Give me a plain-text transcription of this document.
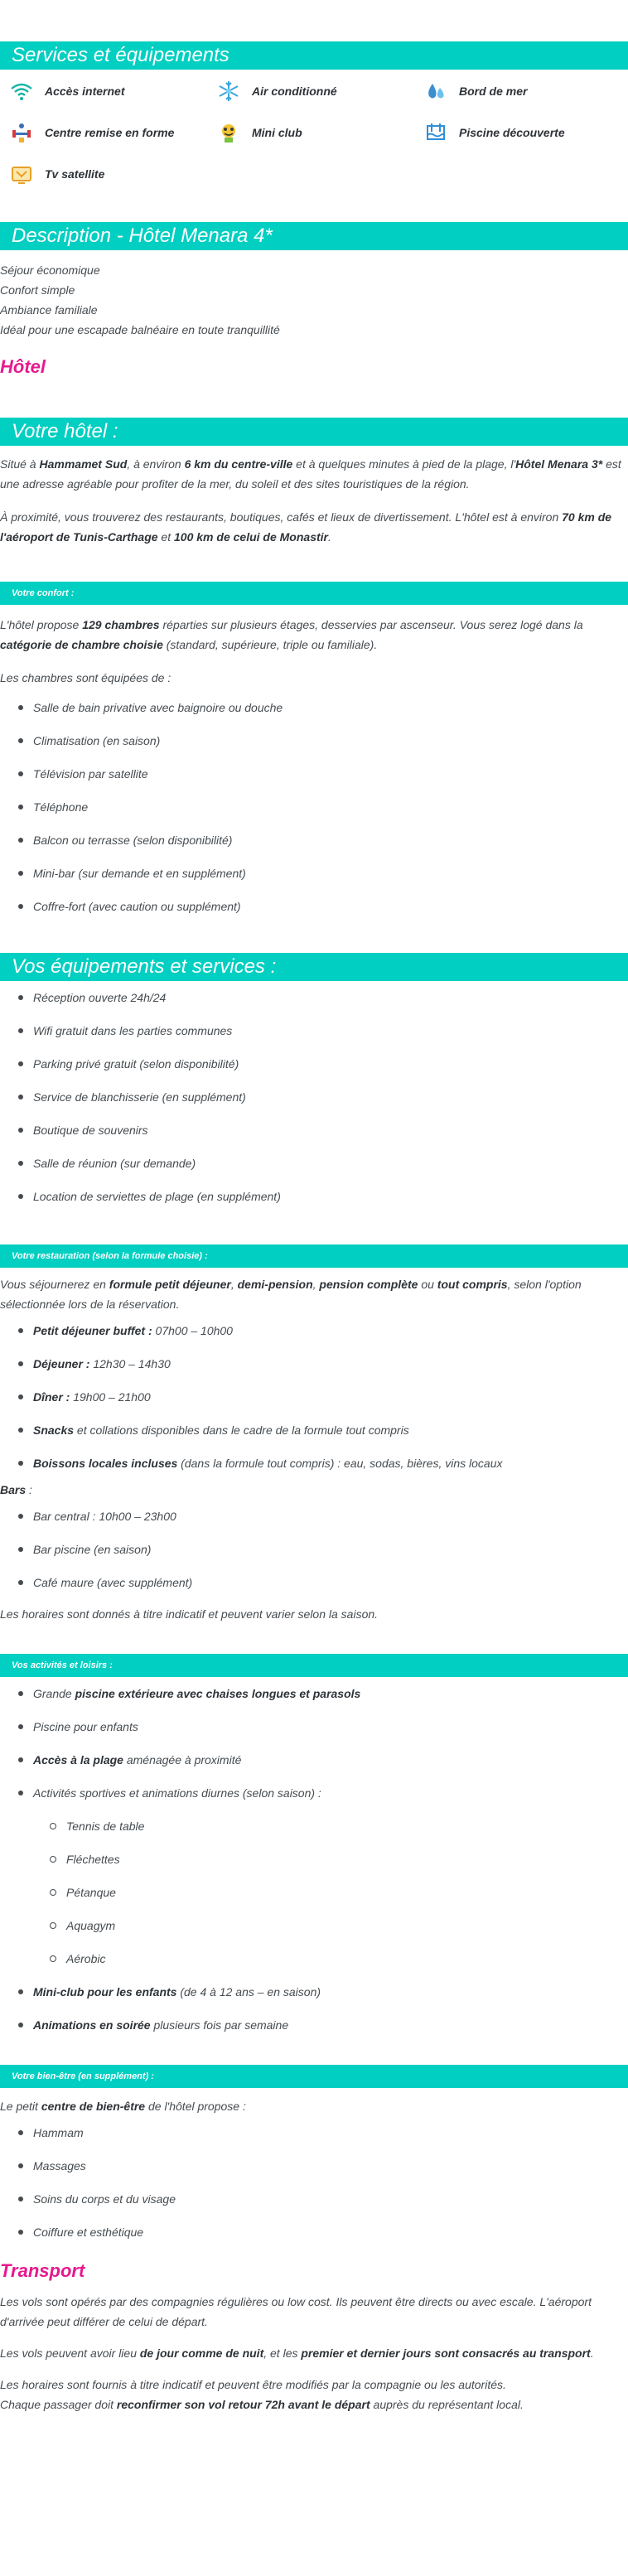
Services et équipements
Accès internet	Air conditionné	Bord de mer
Centre remise en forme	Mini club	Piscine découverte
Tv satellite
Description - Hôtel Menara 4*
Séjour économique
Confort simple
Ambiance familiale
Idéal pour une escapade balnéaire en toute tranquillité
Hôtel
Votre hôtel :

Situé à Hammamet Sud, à environ 6 km du centre-ville et à quelques minutes à pied de la plage, l'Hôtel Menara 3* est une adresse agréable pour profiter de la mer, du soleil et des sites touristiques de la région.

À proximité, vous trouverez des restaurants, boutiques, cafés et lieux de divertissement. L'hôtel est à environ 70 km de l'aéroport de Tunis-Carthage et 100 km de celui de Monastir.

Votre confort :

L'hôtel propose 129 chambres réparties sur plusieurs étages, desservies par ascenseur. Vous serez logé dans la catégorie de chambre choisie (standard, supérieure, triple ou familiale).

Les chambres sont équipées de :

Salle de bain privative avec baignoire ou douche
Climatisation (en saison)
Télévision par satellite
Téléphone
Balcon ou terrasse (selon disponibilité)
Mini-bar (sur demande et en supplément)
Coffre-fort (avec caution ou supplément)
Vos équipements et services :
Réception ouverte 24h/24
Wifi gratuit dans les parties communes
Parking privé gratuit (selon disponibilité)
Service de blanchisserie (en supplément)
Boutique de souvenirs
Salle de réunion (sur demande)
Location de serviettes de plage (en supplément)
Votre restauration (selon la formule choisie) :

Vous séjournerez en formule petit déjeuner, demi-pension, pension complète ou tout compris, selon l'option sélectionnée lors de la réservation.

Petit déjeuner buffet : 07h00 – 10h00
Déjeuner : 12h30 – 14h30
Dîner : 19h00 – 21h00
Snacks et collations disponibles dans le cadre de la formule tout compris
Boissons locales incluses (dans la formule tout compris) : eau, sodas, bières, vins locaux

Bars :

Bar central : 10h00 – 23h00
Bar piscine (en saison)
Café maure (avec supplément)

Les horaires sont donnés à titre indicatif et peuvent varier selon la saison.

Vos activités et loisirs :
Grande piscine extérieure avec chaises longues et parasols
Piscine pour enfants
Accès à la plage aménagée à proximité
Activités sportives et animations diurnes (selon saison) :
Tennis de table
Fléchettes
Pétanque
Aquagym
Aérobic
Mini-club pour les enfants (de 4 à 12 ans – en saison)
Animations en soirée plusieurs fois par semaine
Votre bien-être (en supplément) :

Le petit centre de bien-être de l'hôtel propose :

Hammam
Massages
Soins du corps et du visage
Coiffure et esthétique
Transport

Les vols sont opérés par des compagnies régulières ou low cost. Ils peuvent être directs ou avec escale. L'aéroport d'arrivée peut différer de celui de départ.

Les vols peuvent avoir lieu de jour comme de nuit, et les premier et dernier jours sont consacrés au transport.

Les horaires sont fournis à titre indicatif et peuvent être modifiés par la compagnie ou les autorités.

Chaque passager doit reconfirmer son vol retour 72h avant le départ auprès du représentant local.
